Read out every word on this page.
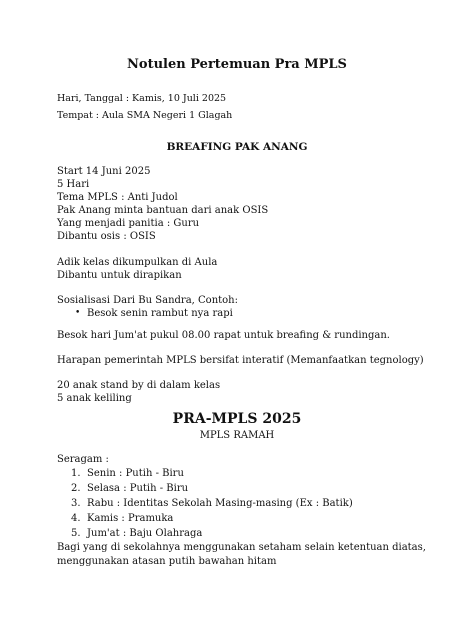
Notulen Pertemuan Pra MPLS
Hari, Tanggal : Kamis, 10 Juli 2025
Tempat : Aula SMA Negeri 1 Glagah
BREAFING PAK ANANG
Start 14 Juni 2025
5 Hari
Tema MPLS : Anti Judol
Pak Anang minta bantuan dari anak OSIS
Yang menjadi panitia : Guru
Dibantu osis : OSIS
Adik kelas dikumpulkan di Aula
Dibantu untuk dirapikan
Sosialisasi Dari Bu Sandra, Contoh:
• Besok senin rambut nya rapi
Besok hari Jum'at pukul 08.00 rapat untuk breafing & rundingan.
Harapan pemerintah MPLS bersifat interatif (Memanfaatkan tegnology)
20 anak stand by di dalam kelas
5 anak keliling
PRA-MPLS 2025
MPLS RAMAH
Seragam :
1. Senin : Putih - Biru
2. Selasa : Putih - Biru
3. Rabu : Identitas Sekolah Masing-masing (Ex : Batik)
4. Kamis : Pramuka
5. Jum'at : Baju Olahraga
Bagi yang di sekolahnya menggunakan setaham selain ketentuan diatas,
menggunakan atasan putih bawahan hitam
